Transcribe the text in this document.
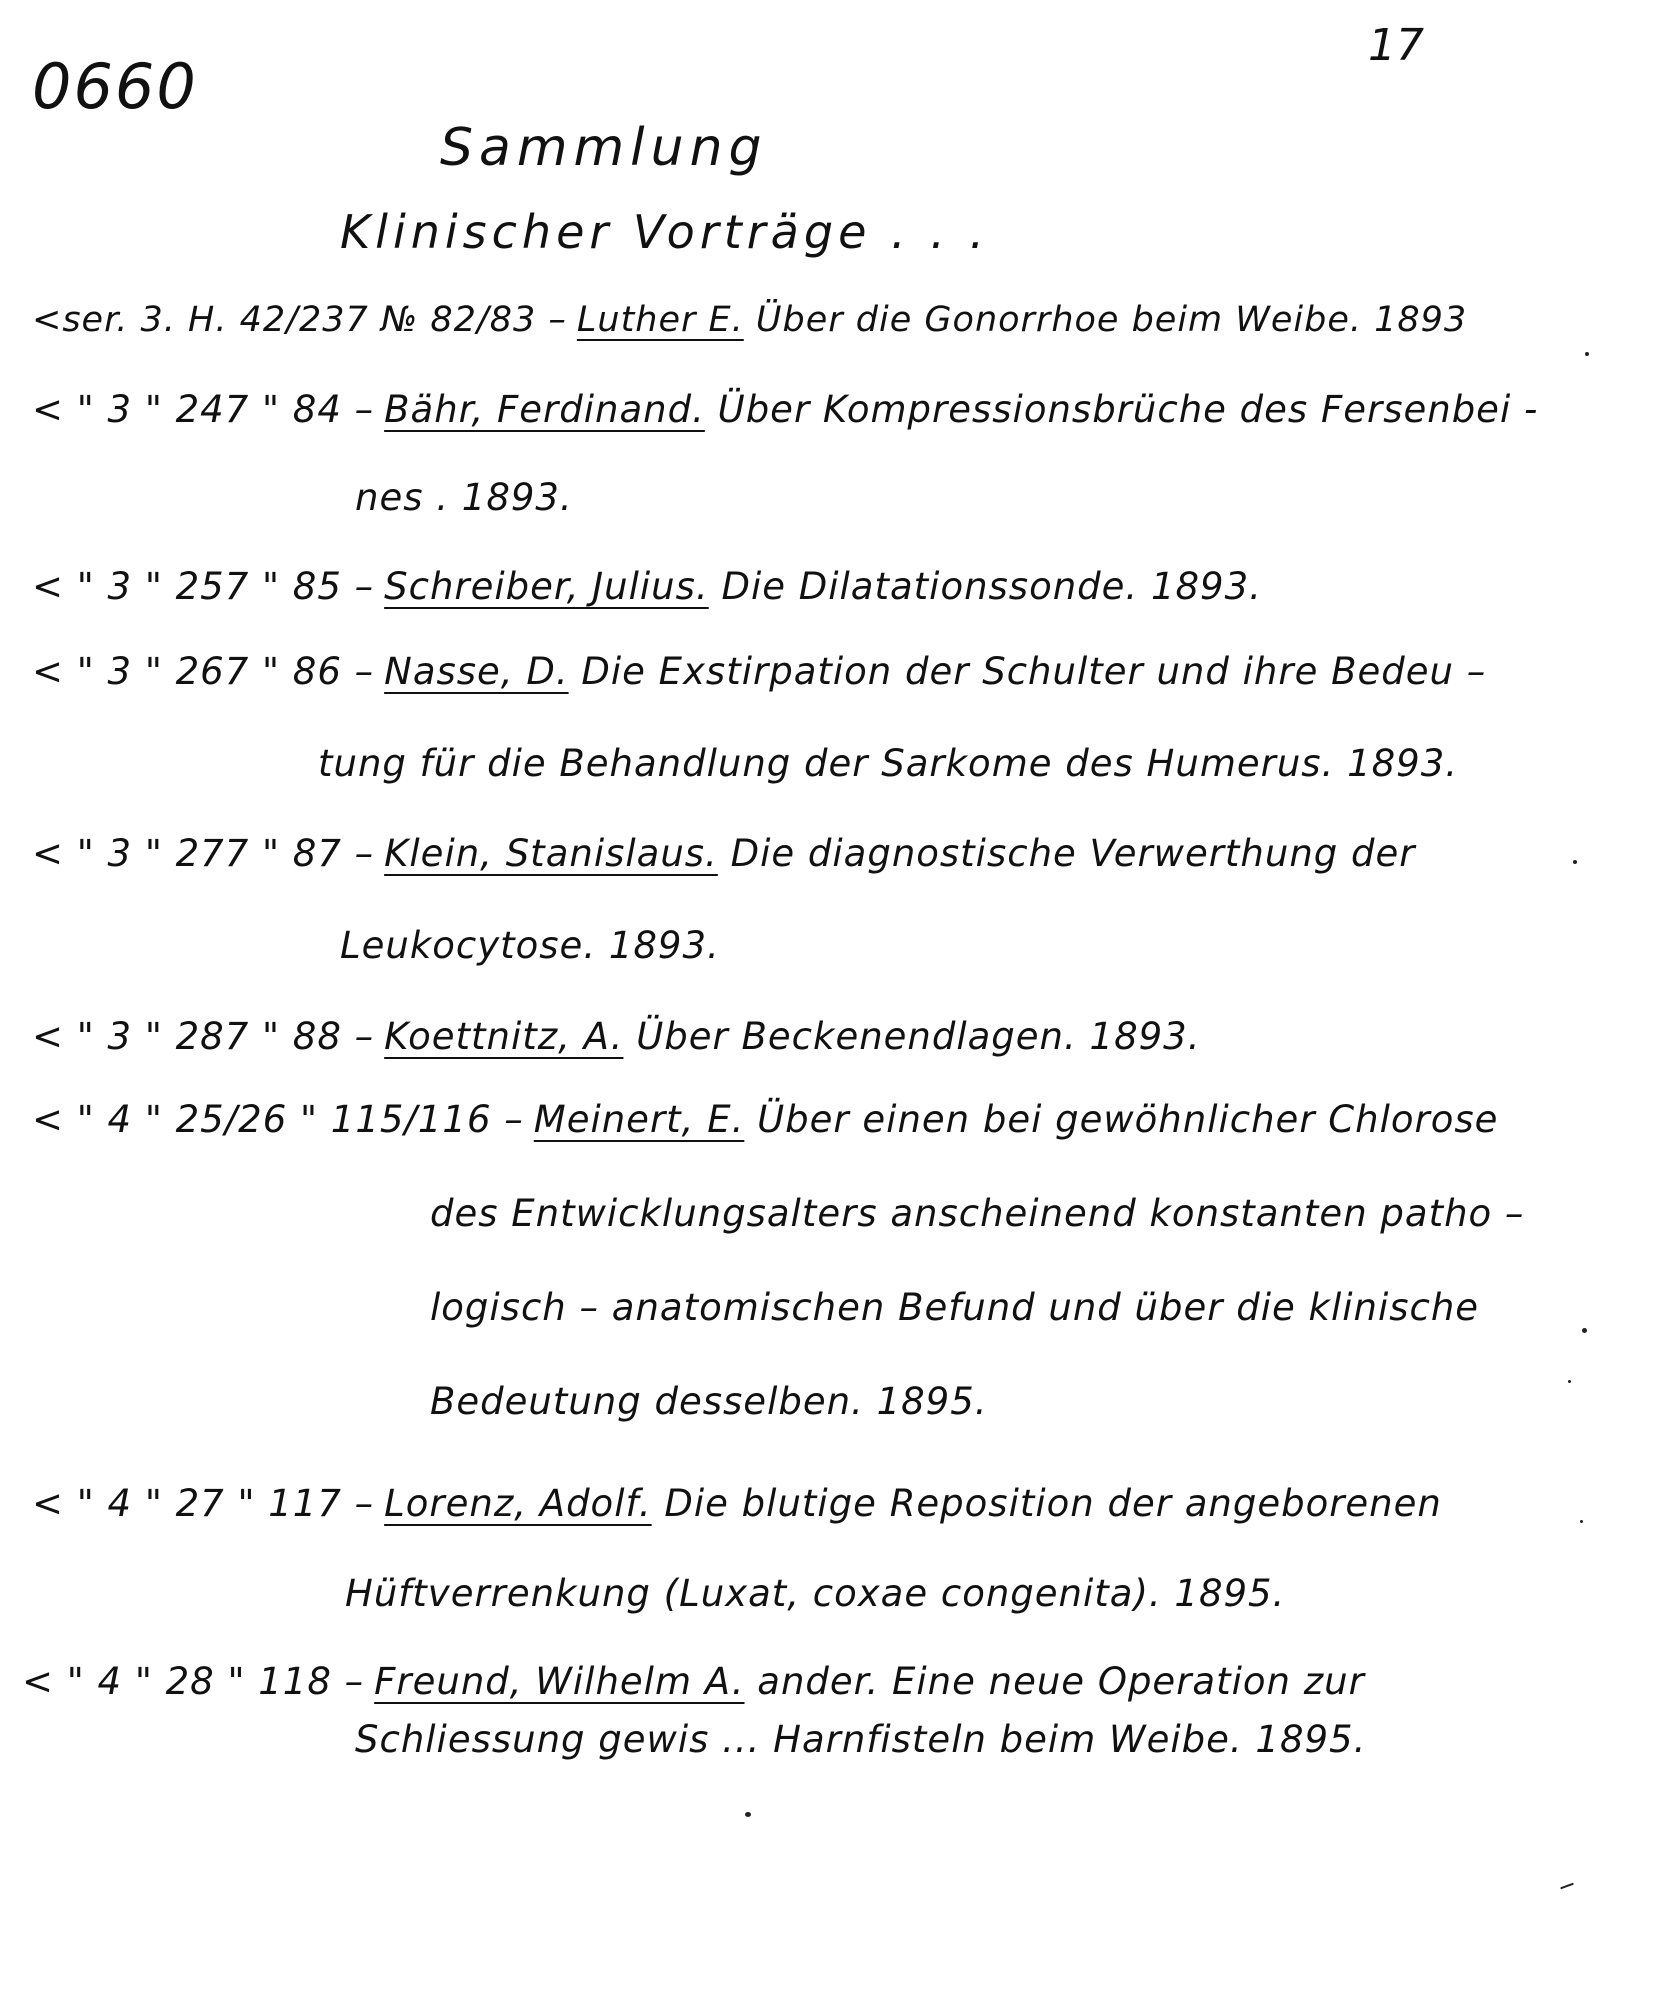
0660
17
Sammlung
Klinischer Vorträge . . .
<ser. 3. H. 42/237 № 82/83 – Luther E. Über die Gonorrhoe beim Weibe. 1893
< " 3 " 247 " 84 – Bähr, Ferdinand. Über Kompressionsbrüche des Fersenbei -
nes . 1893.
< " 3 " 257 " 85 – Schreiber, Julius. Die Dilatationssonde. 1893.
< " 3 " 267 " 86 – Nasse, D. Die Exstirpation der Schulter und ihre Bedeu –
tung für die Behandlung der Sarkome des Humerus. 1893.
< " 3 " 277 " 87 – Klein, Stanislaus. Die diagnostische Verwerthung der
Leukocytose. 1893.
< " 3 " 287 " 88 – Koettnitz, A. Über Beckenendlagen. 1893.
< " 4 " 25/26 " 115/116 – Meinert, E. Über einen bei gewöhnlicher Chlorose
des Entwicklungsalters anscheinend konstanten patho –
logisch – anatomischen Befund und über die klinische
Bedeutung desselben. 1895.
< " 4 " 27 " 117 – Lorenz, Adolf. Die blutige Reposition der angeborenen
Hüftverrenkung (Luxat, coxae congenita). 1895.
< " 4 " 28 " 118 – Freund, Wilhelm A. ander. Eine neue Operation zur
Schliessung gewis ... Harnfisteln beim Weibe. 1895.
